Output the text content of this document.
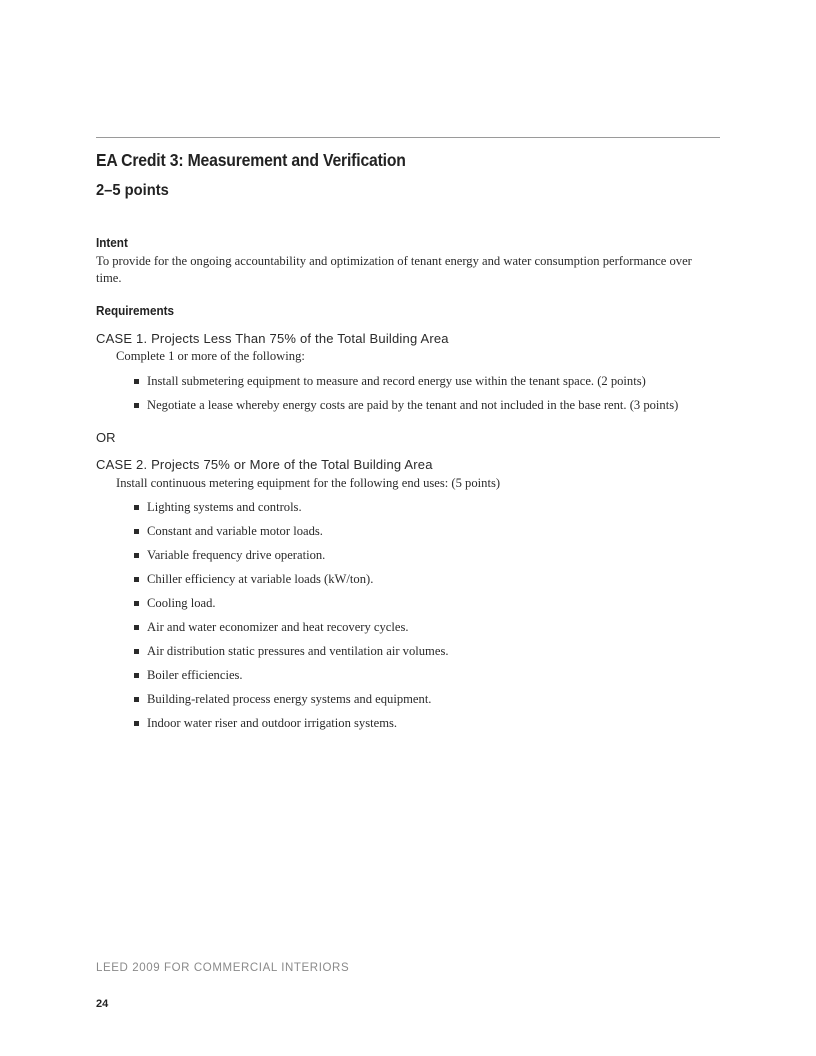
EA Credit 3: Measurement and Verification
2–5 points
Intent
To provide for the ongoing accountability and optimization of tenant energy and water consumption performance over time.
Requirements
CASE 1. Projects Less Than 75% of the Total Building Area
Complete 1 or more of the following:
Install submetering equipment to measure and record energy use within the tenant space. (2 points)
Negotiate a lease whereby energy costs are paid by the tenant and not included in the base rent. (3 points)
OR
CASE 2. Projects 75% or More of the Total Building Area
Install continuous metering equipment for the following end uses: (5 points)
Lighting systems and controls.
Constant and variable motor loads.
Variable frequency drive operation.
Chiller efficiency at variable loads (kW/ton).
Cooling load.
Air and water economizer and heat recovery cycles.
Air distribution static pressures and ventilation air volumes.
Boiler efficiencies.
Building-related process energy systems and equipment.
Indoor water riser and outdoor irrigation systems.
LEED 2009 FOR COMMERCIAL INTERIORS
24
